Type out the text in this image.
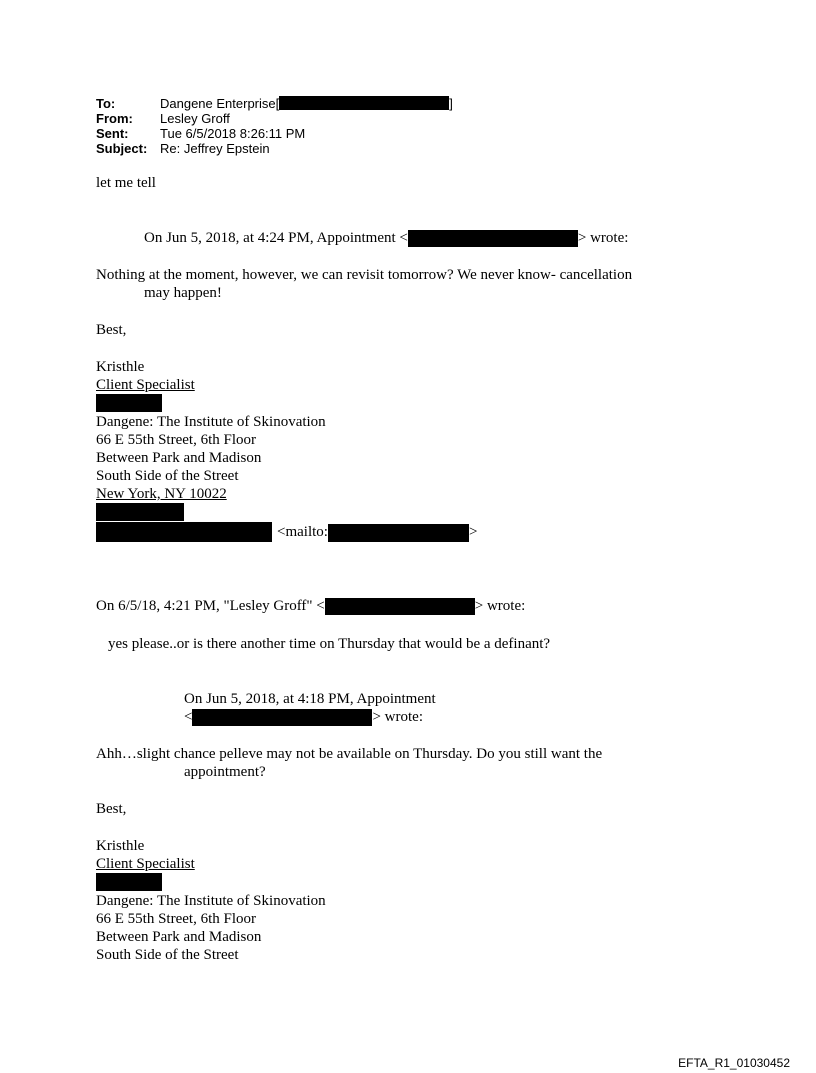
To:	Dangene Enterprise[	]
From:	Lesley Groff
Sent:	Tue 6/5/2018 8:26:11 PM
Subject: Re: Jeffrey Epstein
let me tell
On Jun 5, 2018, at 4:24 PM, Appointment <	> wrote:
Nothing at the moment, however, we can revisit tomorrow? We never know- cancellation
may happen!
Best,
Kristhle
Client Specialist
Dangene: The Institute of Skinovation
66 E 55th Street, 6th Floor
Between Park and Madison
South Side of the Street
New York, NY 10022
<mailto:	>
On 6/5/18, 4:21 PM, "Lesley Groff" <	> wrote:
yes please..or is there another time on Thursday that would be a definant?
On Jun 5, 2018, at 4:18 PM, Appointment
<	> wrote:
Ahh…slight chance pelleve may not be available on Thursday. Do you still want the
appointment?
Best,
Kristhle
Client Specialist
Dangene: The Institute of Skinovation
66 E 55th Street, 6th Floor
Between Park and Madison
South Side of the Street
EFTA_R1_01030452
